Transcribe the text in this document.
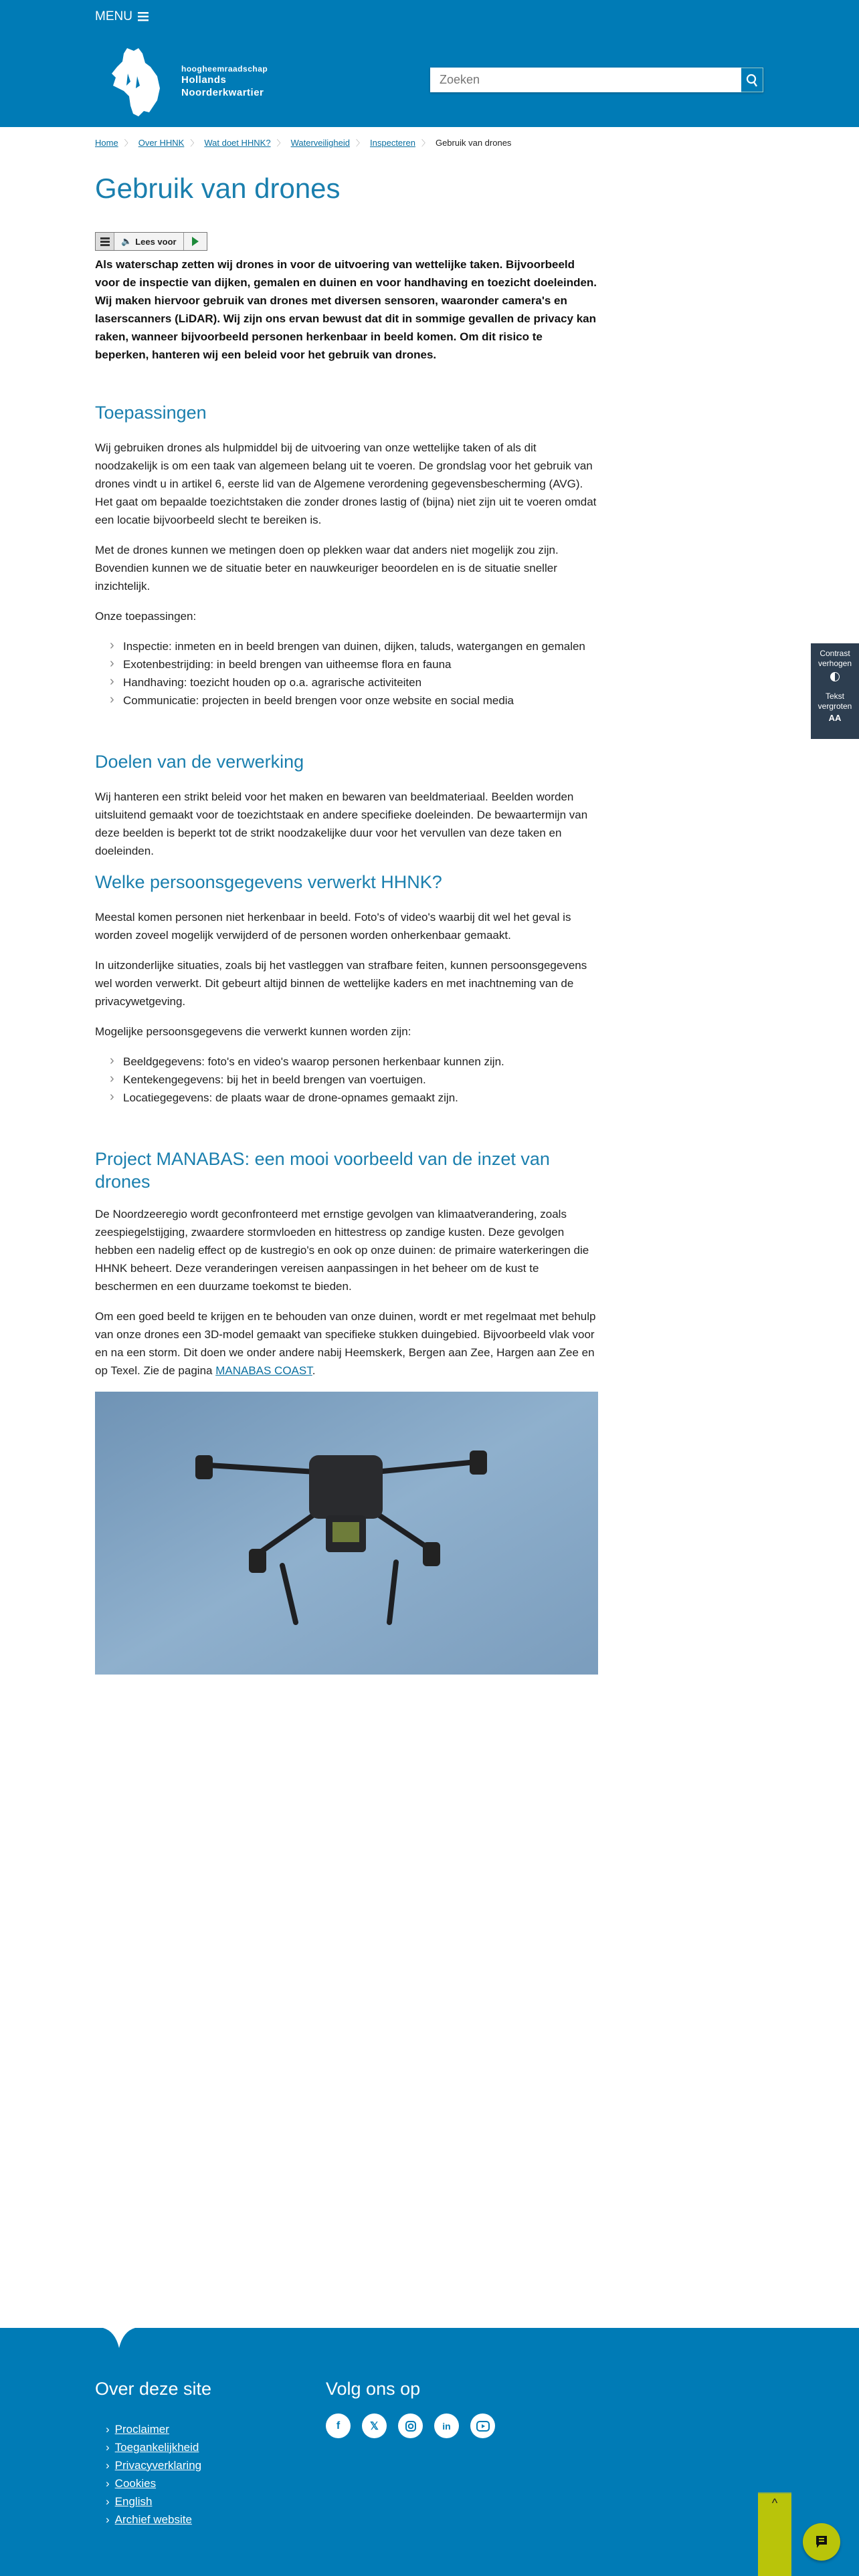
MENU
hoogheemraadschap
Hollands
Noorderkwartier
Zoeken
Home 〉 Over HHNK 〉 Wat doet HHNK? 〉 Waterveiligheid 〉 Inspecteren 〉 Gebruik van drones
Gebruik van drones
🔈 Lees voor
Als waterschap zetten wij drones in voor de uitvoering van wettelijke taken. Bijvoorbeeld voor de inspectie van dijken, gemalen en duinen en voor handhaving en toezicht doeleinden. Wij maken hiervoor gebruik van drones met diversen sensoren, waaronder camera's en laserscanners (LiDAR). Wij zijn ons ervan bewust dat dit in sommige gevallen de privacy kan raken, wanneer bijvoorbeeld personen herkenbaar in beeld komen. Om dit risico te beperken, hanteren wij een beleid voor het gebruik van drones.
Toepassingen

Wij gebruiken drones als hulpmiddel bij de uitvoering van onze wettelijke taken of als dit noodzakelijk is om een taak van algemeen belang uit te voeren. De grondslag voor het gebruik van drones vindt u in artikel 6, eerste lid van de Algemene verordening gegevensbescherming (AVG). Het gaat om bepaalde toezichtstaken die zonder drones lastig of (bijna) niet zijn uit te voeren omdat een locatie bijvoorbeeld slecht te bereiken is.

Met de drones kunnen we metingen doen op plekken waar dat anders niet mogelijk zou zijn. Bovendien kunnen we de situatie beter en nauwkeuriger beoordelen en is de situatie sneller inzichtelijk.

Onze toepassingen:

› Inspectie: inmeten en in beeld brengen van duinen, dijken, taluds, watergangen en gemalen
› Exotenbestrijding: in beeld brengen van uitheemse flora en fauna
› Handhaving: toezicht houden op o.a. agrarische activiteiten
› Communicatie: projecten in beeld brengen voor onze website en social media
Doelen van de verwerking

Wij hanteren een strikt beleid voor het maken en bewaren van beeldmateriaal. Beelden worden uitsluitend gemaakt voor de toezichtstaak en andere specifieke doeleinden. De bewaartermijn van deze beelden is beperkt tot de strikt noodzakelijke duur voor het vervullen van deze taken en doeleinden.

Welke persoonsgegevens verwerkt HHNK?

Meestal komen personen niet herkenbaar in beeld. Foto's of video's waarbij dit wel het geval is worden zoveel mogelijk verwijderd of de personen worden onherkenbaar gemaakt.

In uitzonderlijke situaties, zoals bij het vastleggen van strafbare feiten, kunnen persoonsgegevens wel worden verwerkt. Dit gebeurt altijd binnen de wettelijke kaders en met inachtneming van de privacywetgeving.

Mogelijke persoonsgegevens die verwerkt kunnen worden zijn:

› Beeldgegevens: foto's en video's waarop personen herkenbaar kunnen zijn.
› Kentekengegevens: bij het in beeld brengen van voertuigen.
› Locatiegegevens: de plaats waar de drone-opnames gemaakt zijn.
Project MANABAS: een mooi voorbeeld van de inzet van drones

De Noordzeeregio wordt geconfronteerd met ernstige gevolgen van klimaatverandering, zoals zeespiegelstijging, zwaardere stormvloeden en hittestress op zandige kusten. Deze gevolgen hebben een nadelig effect op de kustregio's en ook op onze duinen: de primaire waterkeringen die HHNK beheert. Deze veranderingen vereisen aanpassingen in het beheer om de kust te beschermen en een duurzame toekomst te bieden.

Om een goed beeld te krijgen en te behouden van onze duinen, wordt er met regelmaat met behulp van onze drones een 3D-model gemaakt van specifieke stukken duingebied. Bijvoorbeeld vlak voor en na een storm. Dit doen we onder andere nabij Heemskerk, Bergen aan Zee, Hargen aan Zee en op Texel. Zie de pagina MANABAS COAST.

Contrast verhogen
Tekst vergroten
AA
Over deze site
› Proclaimer
› Toegankelijkheid
› Privacyverklaring
› Cookies
› English
› Archief website
Volg ons op
f	𝕏	in
^
